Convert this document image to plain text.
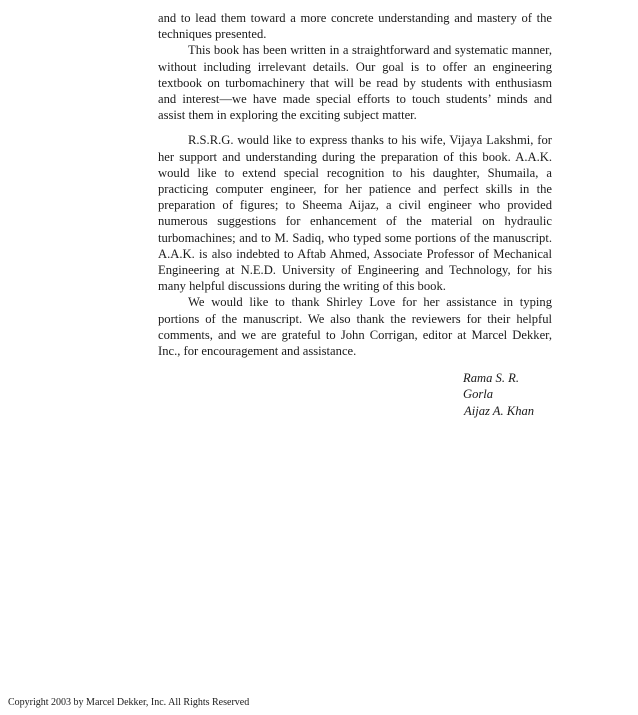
and to lead them toward a more concrete understanding and mastery of the techniques presented.

This book has been written in a straightforward and systematic manner, without including irrelevant details. Our goal is to offer an engineering textbook on turbomachinery that will be read by students with enthusiasm and interest—we have made special efforts to touch students’ minds and assist them in exploring the exciting subject matter.

R.S.R.G. would like to express thanks to his wife, Vijaya Lakshmi, for her support and understanding during the preparation of this book. A.A.K. would like to extend special recognition to his daughter, Shumaila, a practicing computer engineer, for her patience and perfect skills in the preparation of figures; to Sheema Aijaz, a civil engineer who provided numerous suggestions for enhancement of the material on hydraulic turbomachines; and to M. Sadiq, who typed some portions of the manuscript. A.A.K. is also indebted to Aftab Ahmed, Associate Professor of Mechanical Engineering at N.E.D. University of Engineering and Technology, for his many helpful discussions during the writing of this book.

We would like to thank Shirley Love for her assistance in typing portions of the manuscript. We also thank the reviewers for their helpful comments, and we are grateful to John Corrigan, editor at Marcel Dekker, Inc., for encouragement and assistance.

Rama S. R. Gorla
Aijaz A. Khan
Copyright 2003 by Marcel Dekker, Inc. All Rights Reserved
